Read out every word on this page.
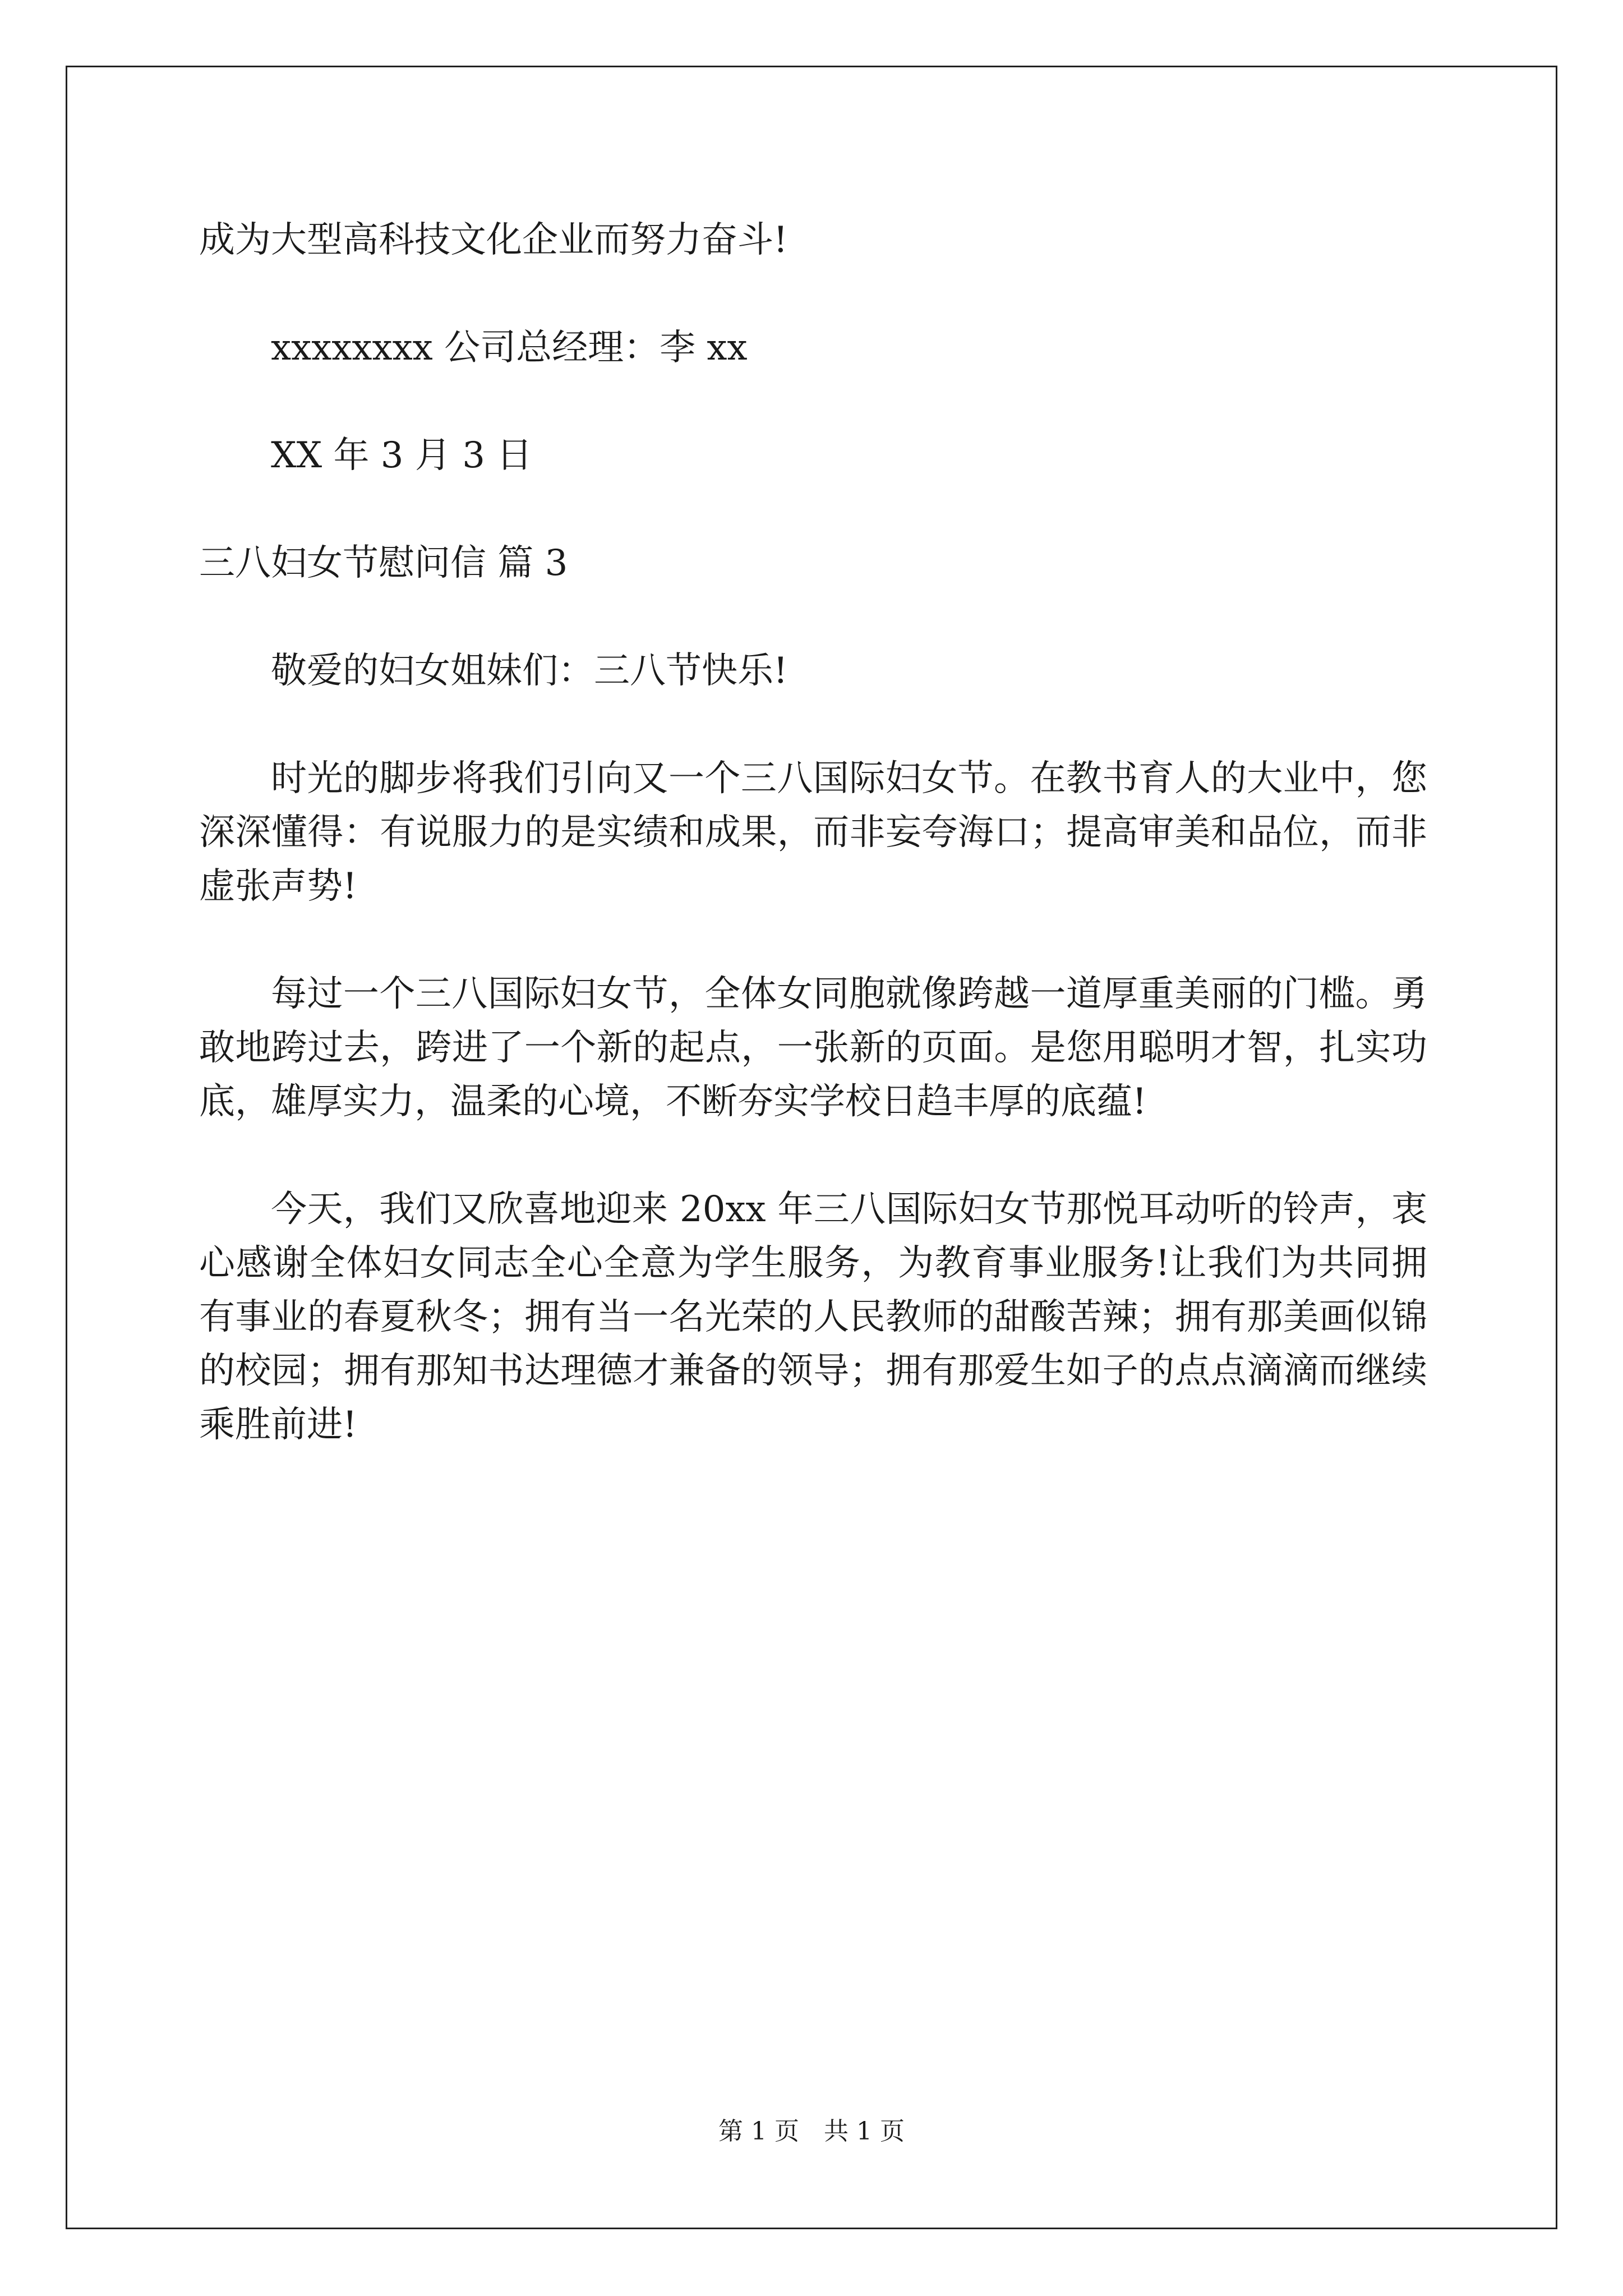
成为大型高科技文化企业而努力奋斗!

xxxxxxxx 公司总经理：李 xx

XX 年 3 月 3 日

三八妇女节慰问信 篇 3

敬爱的妇女姐妹们：三八节快乐!

时光的脚步将我们引向又一个三八国际妇女节。在教书育人的大业中，您深深懂得：有说服力的是实绩和成果，而非妄夸海口；提高审美和品位，而非虚张声势!

每过一个三八国际妇女节，全体女同胞就像跨越一道厚重美丽的门槛。勇敢地跨过去，跨进了一个新的起点，一张新的页面。是您用聪明才智，扎实功底，雄厚实力，温柔的心境，不断夯实学校日趋丰厚的底蕴!

今天，我们又欣喜地迎来 20xx 年三八国际妇女节那悦耳动听的铃声，衷心感谢全体妇女同志全心全意为学生服务，为教育事业服务!让我们为共同拥有事业的春夏秋冬；拥有当一名光荣的人民教师的甜酸苦辣；拥有那美画似锦的校园；拥有那知书达理德才兼备的领导；拥有那爱生如子的点点滴滴而继续乘胜前进!

第 1 页　共 1 页
